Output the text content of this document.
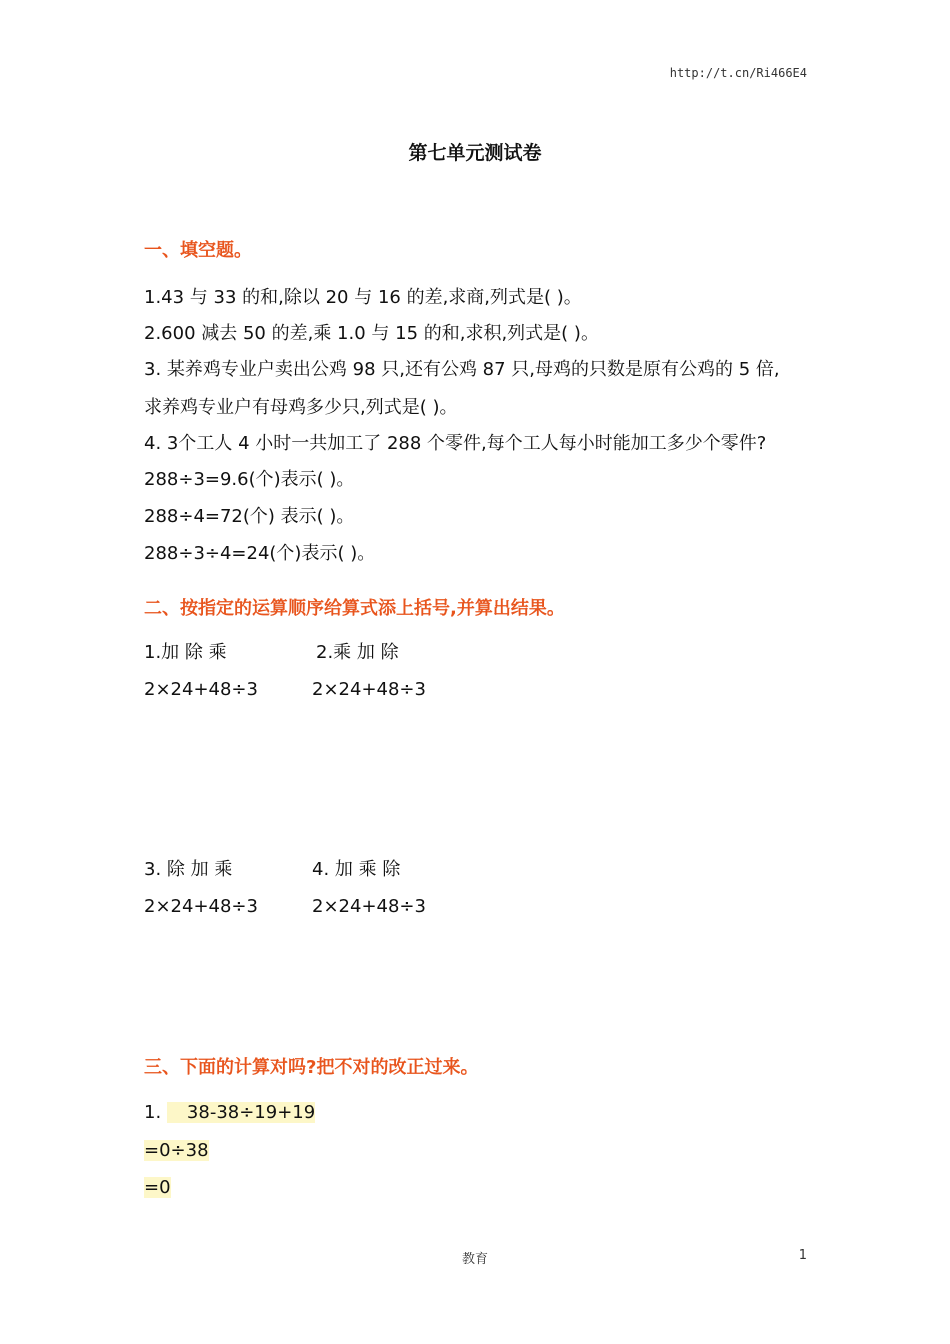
http://t.cn/Ri466E4
第七单元测试卷
一、填空题。
1.43 与 33 的和,除以 20 与 16 的差,求商,列式是( )。
2.600 减去 50 的差,乘 1.0 与 15 的和,求积,列式是( )。
3. 某养鸡专业户卖出公鸡 98 只,还有公鸡 87 只,母鸡的只数是原有公鸡的 5 倍,
求养鸡专业户有母鸡多少只,列式是( )。
4. 3个工人 4 小时一共加工了 288 个零件,每个工人每小时能加工多少个零件?
288÷3=9.6(个)表示( )。
288÷4=72(个) 表示( )。
288÷3÷4=24(个)表示( )。
二、按指定的运算顺序给算式添上括号,并算出结果。
1.加 除 乘	2.乘 加 除
2×24+48÷3	2×24+48÷3
3. 除 加 乘	4. 加 乘 除
2×24+48÷3	2×24+48÷3
三、下面的计算对吗?把不对的改正过来。
1. 38-38÷19+19
=0÷38
=0
教育	1
